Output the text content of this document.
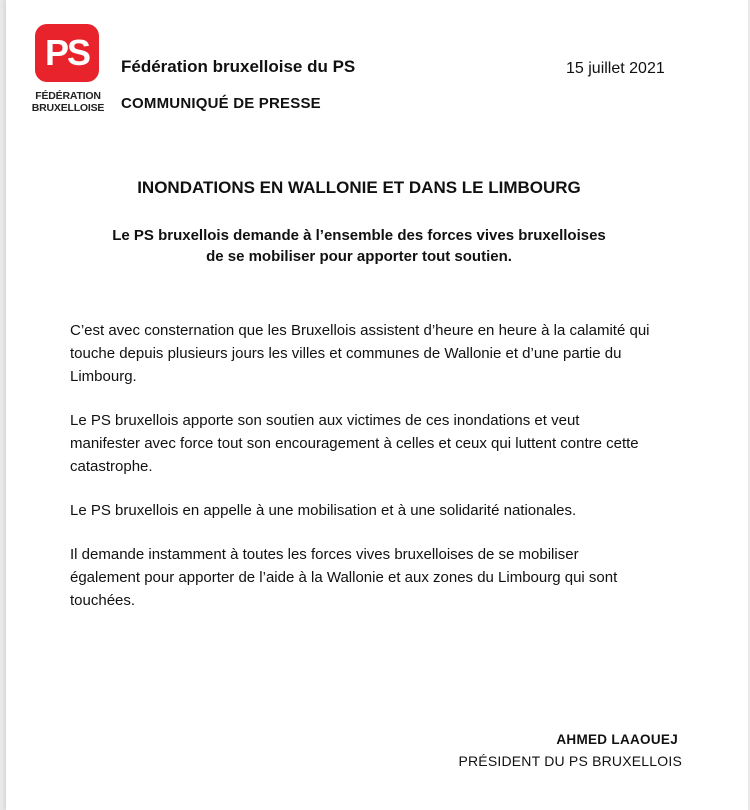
PS
FÉDÉRATION
BRUXELLOISE
Fédération bruxelloise du PS
COMMUNIQUÉ DE PRESSE
15 juillet 2021
INONDATIONS EN WALLONIE ET DANS LE LIMBOURG
Le PS bruxellois demande à l’ensemble des forces vives bruxelloises
de se mobiliser pour apporter tout soutien.

C’est avec consternation que les Bruxellois assistent d’heure en heure à la calamité qui touche depuis plusieurs jours les villes et communes de Wallonie et d’une partie du Limbourg.

Le PS bruxellois apporte son soutien aux victimes de ces inondations et veut manifester avec force tout son encouragement à celles et ceux qui luttent contre cette catastrophe.

Le PS bruxellois en appelle à une mobilisation et à une solidarité nationales.

Il demande instamment à toutes les forces vives bruxelloises de se mobiliser également pour apporter de l’aide à la Wallonie et aux zones du Limbourg qui sont touchées.

AHMED LAAOUEJ
PRÉSIDENT DU PS BRUXELLOIS
